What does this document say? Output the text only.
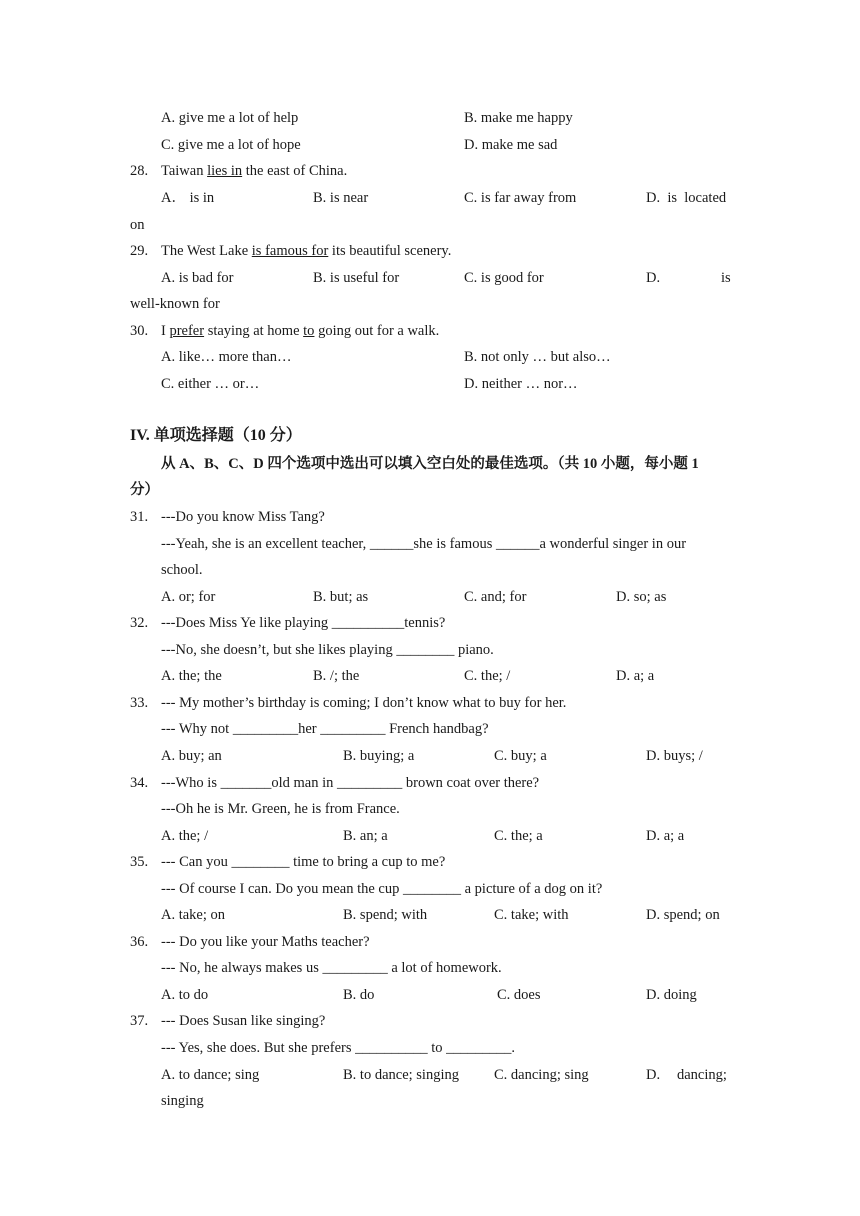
A. give me a lot of help	B. make me happy
C. give me a lot of hope	D. make me sad
28. Taiwan lies in the east of China.
A． is in	B. is near	C. is far away from	D.  is  located
on
29. The West Lake is famous for its beautiful scenery.
A. is bad for	B. is useful for	C. is good for	D.	is
well-known for
30. I prefer staying at home to going out for a walk.
A. like… more than…	B. not only … but also…
C. either … or…	D. neither … nor…
IV. 单项选择题（10 分）
从 A、B、C、D 四个选项中选出可以填入空白处的最佳选项。（共 10 小题，每小题 1
分）
31. ---Do you know Miss Tang?
---Yeah, she is an excellent teacher, ______she is famous ______a wonderful singer in our
school.
A. or; for	B. but; as	C. and; for	D. so; as
32. ---Does Miss Ye like playing __________tennis?
---No, she doesn’t, but she likes playing ________ piano.
A. the; the	B. /; the	C. the; /	D. a; a
33. --- My mother’s birthday is coming; I don’t know what to buy for her.
--- Why not _________her _________ French handbag?
A. buy; an	B. buying; a	C. buy; a	D. buys; /
34. ---Who is _______old man in _________ brown coat over there?
---Oh he is Mr. Green, he is from France.
A. the; /	B. an; a	C. the; a	D. a; a
35. --- Can you ________ time to bring a cup to me?
--- Of course I can. Do you mean the cup ________ a picture of a dog on it?
A. take; on	B. spend; with	C. take; with	D. spend; on
36. --- Do you like your Maths teacher?
--- No, he always makes us _________ a lot of homework.
A. to do	B. do	C. does	D. doing
37. --- Does Susan like singing?
--- Yes, she does. But she prefers __________ to _________.
A. to dance; sing	B. to dance; singing C. dancing; sing	D. dancing;
singing
